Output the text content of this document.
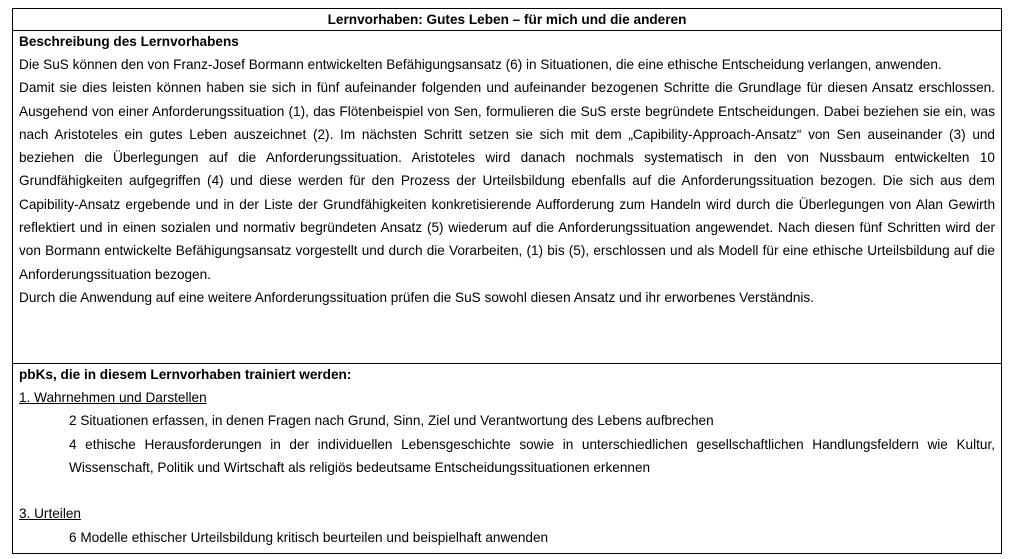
Lernvorhaben: Gutes Leben – für mich und die anderen
Beschreibung des Lernvorhabens

Die SuS können den von Franz-Josef Bormann entwickelten Befähigungsansatz (6) in Situationen, die eine ethische Entscheidung verlangen, anwenden.

Damit sie dies leisten können haben sie sich in fünf aufeinander folgenden und aufeinander bezogenen Schritte die Grundlage für diesen Ansatz erschlossen. Ausgehend von einer Anforderungssituation (1), das Flötenbeispiel von Sen, formulieren die SuS erste begründete Entscheidungen. Dabei beziehen sie ein, was nach Aristoteles ein gutes Leben auszeichnet (2). Im nächsten Schritt setzen sie sich mit dem „Capibility-Approach-Ansatz“ von Sen auseinander (3) und beziehen die Überlegungen auf die Anforderungssituation. Aristoteles wird danach nochmals systematisch in den von Nussbaum entwickelten 10 Grundfähigkeiten aufgegriffen (4) und diese werden für den Prozess der Urteilsbildung ebenfalls auf die Anforderungssituation bezogen. Die sich aus dem Capibility-Ansatz ergebende und in der Liste der Grundfähigkeiten konkretisierende Aufforderung zum Handeln wird durch die Überlegungen von Alan Gewirth reflektiert und in einen sozialen und normativ begründeten Ansatz (5) wiederum auf die Anforderungssituation angewendet. Nach diesen fünf Schritten wird der von Bormann entwickelte Befähigungsansatz vorgestellt und durch die Vorarbeiten, (1) bis (5), erschlossen und als Modell für eine ethische Urteilsbildung auf die Anforderungssituation bezogen.

Durch die Anwendung auf eine weitere Anforderungssituation prüfen die SuS sowohl diesen Ansatz und ihr erworbenes Verständnis.

pbKs, die in diesem Lernvorhaben trainiert werden:

1. Wahrnehmen und Darstellen

2 Situationen erfassen, in denen Fragen nach Grund, Sinn, Ziel und Verantwortung des Lebens aufbrechen

4 ethische Herausforderungen in der individuellen Lebensgeschichte sowie in unterschiedlichen gesellschaftlichen Handlungsfeldern wie Kultur, Wissenschaft, Politik und Wirtschaft als religiös bedeutsame Entscheidungssituationen erkennen

3. Urteilen

6 Modelle ethischer Urteilsbildung kritisch beurteilen und beispielhaft anwenden
